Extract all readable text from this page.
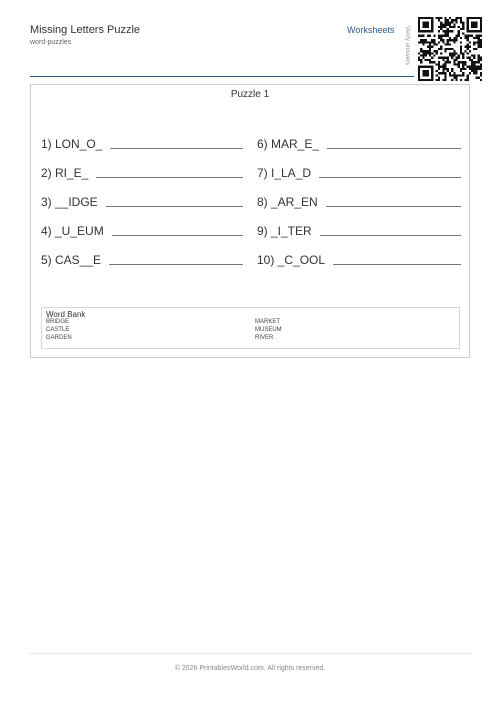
Missing Letters Puzzle
word-puzzles
Worksheets Verify answers
Puzzle 1
1) LON_O_
2) RI_E_
3) __IDGE
4) _U_EUM
5) CAS__E
6) MAR_E_
7) I_LA_D
8) _AR_EN
9) _I_TER
10) _C_OOL
Word Bank
BRIDGE
CASTLE
GARDEN
MARKET
MUSEUM
RIVER
© 2026 PrintablesWorld.com. All rights reserved.
